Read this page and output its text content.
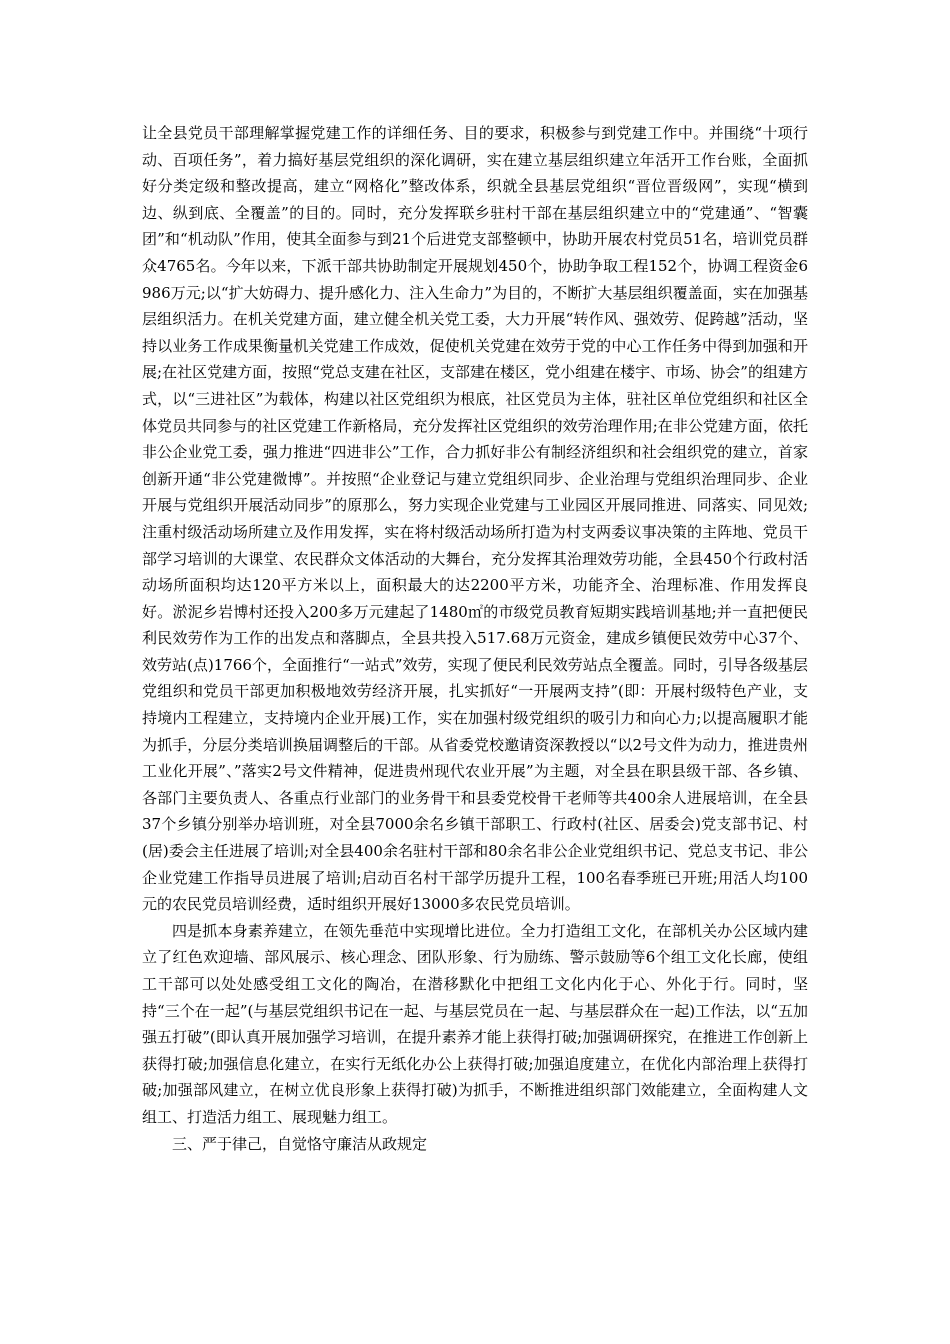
让全县党员干部理解掌握党建工作的详细任务、目的要求，积极参与到党建工作中。并围绕“十项行动、百项任务”，着力搞好基层党组织的深化调研，实在建立基层组织建立年活开工作台账，全面抓好分类定级和整改提高，建立“网格化”整改体系，织就全县基层党组织“晋位晋级网”，实现“横到边、纵到底、全覆盖”的目的。同时，充分发挥联乡驻村干部在基层组织建立中的“党建通”、“智囊团”和“机动队”作用，使其全面参与到21个后进党支部整顿中，协助开展农村党员51名，培训党员群众4765名。今年以来，下派干部共协助制定开展规划450个，协助争取工程152个，协调工程资金6986万元;以“扩大妨碍力、提升感化力、注入生命力”为目的，不断扩大基层组织覆盖面，实在加强基层组织活力。在机关党建方面，建立健全机关党工委，大力开展“转作风、强效劳、促跨越”活动，坚持以业务工作成果衡量机关党建工作成效，促使机关党建在效劳于党的中心工作任务中得到加强和开展;在社区党建方面，按照“党总支建在社区，支部建在楼区，党小组建在楼宇、市场、协会”的组建方式，以“三进社区”为载体，构建以社区党组织为根底，社区党员为主体，驻社区单位党组织和社区全体党员共同参与的社区党建工作新格局，充分发挥社区党组织的效劳治理作用;在非公党建方面，依托非公企业党工委，强力推进“四进非公”工作，合力抓好非公有制经济组织和社会组织党的建立，首家创新开通“非公党建微博”。并按照“企业登记与建立党组织同步、企业治理与党组织治理同步、企业开展与党组织开展活动同步”的原那么，努力实现企业党建与工业园区开展同推进、同落实、同见效;注重村级活动场所建立及作用发挥，实在将村级活动场所打造为村支两委议事决策的主阵地、党员干部学习培训的大课堂、农民群众文体活动的大舞台，充分发挥其治理效劳功能，全县450个行政村活动场所面积均达120平方米以上，面积最大的达2200平方米，功能齐全、治理标准、作用发挥良好。淤泥乡岩博村还投入200多万元建起了1480㎡的市级党员教育短期实践培训基地;并一直把便民利民效劳作为工作的出发点和落脚点，全县共投入517.68万元资金，建成乡镇便民效劳中心37个、效劳站(点)1766个，全面推行“一站式”效劳，实现了便民利民效劳站点全覆盖。同时，引导各级基层党组织和党员干部更加积极地效劳经济开展，扎实抓好“一开展两支持”(即：开展村级特色产业，支持境内工程建立，支持境内企业开展)工作，实在加强村级党组织的吸引力和向心力;以提高履职才能为抓手，分层分类培训换届调整后的干部。从省委党校邀请资深教授以“以2号文件为动力，推进贵州工业化开展”、”落实2号文件精神，促进贵州现代农业开展”为主题，对全县在职县级干部、各乡镇、各部门主要负责人、各重点行业部门的业务骨干和县委党校骨干老师等共400余人进展培训，在全县37个乡镇分别举办培训班，对全县7000余名乡镇干部职工、行政村(社区、居委会)党支部书记、村(居)委会主任进展了培训;对全县400余名驻村干部和80余名非公企业党组织书记、党总支书记、非公企业党建工作指导员进展了培训;启动百名村干部学历提升工程，100名春季班已开班;用活人均100元的农民党员培训经费，适时组织开展好13000多农民党员培训。

四是抓本身素养建立，在领先垂范中实现增比进位。全力打造组工文化，在部机关办公区域内建立了红色欢迎墙、部风展示、核心理念、团队形象、行为励练、警示鼓励等6个组工文化长廊，使组工干部可以处处感受组工文化的陶冶，在潜移默化中把组工文化内化于心、外化于行。同时，坚持“三个在一起”(与基层党组织书记在一起、与基层党员在一起、与基层群众在一起)工作法，以“五加强五打破”(即认真开展加强学习培训，在提升素养才能上获得打破;加强调研探究，在推进工作创新上获得打破;加强信息化建立，在实行无纸化办公上获得打破;加强追度建立，在优化内部治理上获得打破;加强部风建立，在树立优良形象上获得打破)为抓手，不断推进组织部门效能建立，全面构建人文组工、打造活力组工、展现魅力组工。

三、严于律己，自觉恪守廉洁从政规定
